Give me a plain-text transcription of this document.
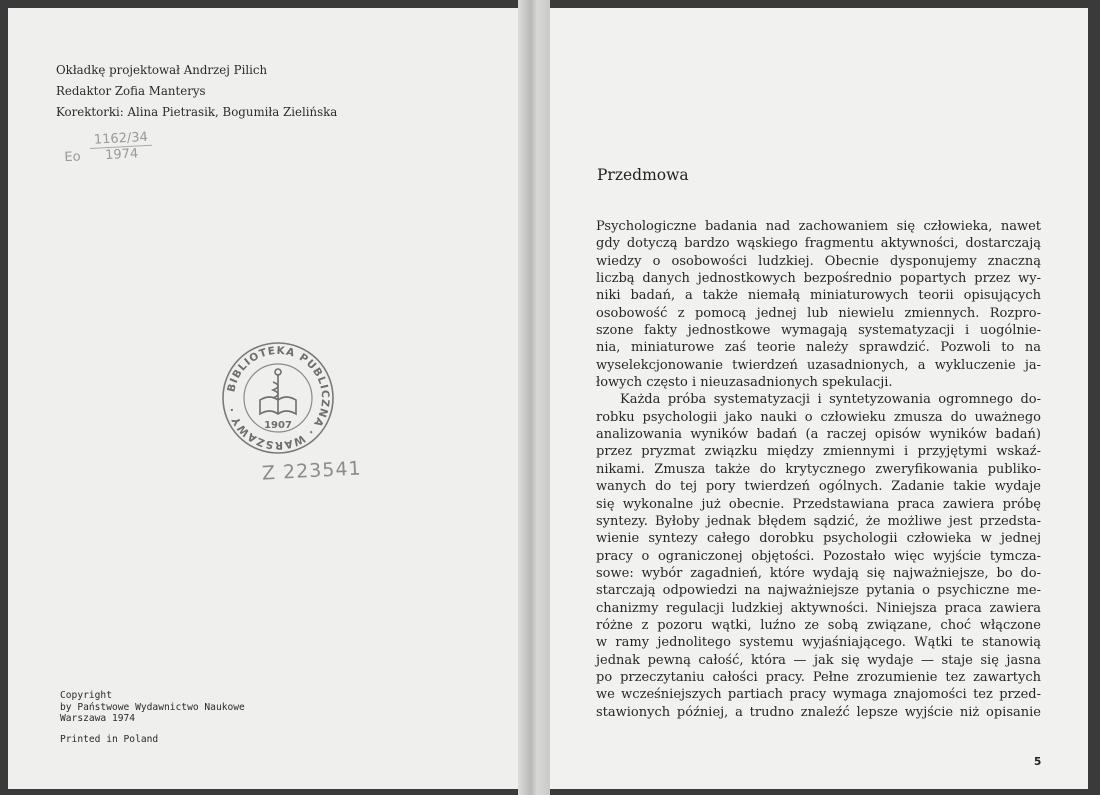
Okładkę projektował Andrzej Pilich
Redaktor Zofia Manterys
Korektorki: Alina Pietrasik, Bogumiła Zielińska
Eo $\frac{1162/34}{1974}$
BIBLIOTEKA PUBLICZNA · WARSZAWY ·
1907
Z 223541
Copyright
by Państwowe Wydawnictwo Naukowe
Warszawa 1974
Printed in Poland
Przedmowa
Psychologiczne badania nad zachowaniem się człowieka, nawet
gdy dotyczą bardzo wąskiego fragmentu aktywności, dostarczają
wiedzy o osobowości ludzkiej. Obecnie dysponujemy znaczną
liczbą danych jednostkowych bezpośrednio popartych przez wy-
niki badań, a także niemałą miniaturowych teorii opisujących
osobowość z pomocą jednej lub niewielu zmiennych. Rozpro-
szone fakty jednostkowe wymagają systematyzacji i uogólnie-
nia, miniaturowe zaś teorie należy sprawdzić. Pozwoli to na
wyselekcjonowanie twierdzeń uzasadnionych, a wykluczenie ja-
łowych często i nieuzasadnionych spekulacji.
Każda próba systematyzacji i syntetyzowania ogromnego do-
robku psychologii jako nauki o człowieku zmusza do uważnego
analizowania wyników badań (a raczej opisów wyników badań)
przez pryzmat związku między zmiennymi i przyjętymi wskaź-
nikami. Zmusza także do krytycznego zweryfikowania publiko-
wanych do tej pory twierdzeń ogólnych. Zadanie takie wydaje
się wykonalne już obecnie. Przedstawiana praca zawiera próbę
syntezy. Byłoby jednak błędem sądzić, że możliwe jest przedsta-
wienie syntezy całego dorobku psychologii człowieka w jednej
pracy o ograniczonej objętości. Pozostało więc wyjście tymcza-
sowe: wybór zagadnień, które wydają się najważniejsze, bo do-
starczają odpowiedzi na najważniejsze pytania o psychiczne me-
chanizmy regulacji ludzkiej aktywności. Niniejsza praca zawiera
różne z pozoru wątki, luźno ze sobą związane, choć włączone
w ramy jednolitego systemu wyjaśniającego. Wątki te stanowią
jednak pewną całość, która — jak się wydaje — staje się jasna
po przeczytaniu całości pracy. Pełne zrozumienie tez zawartych
we wcześniejszych partiach pracy wymaga znajomości tez przed-
stawionych później, a trudno znaleźć lepsze wyjście niż opisanie
5
